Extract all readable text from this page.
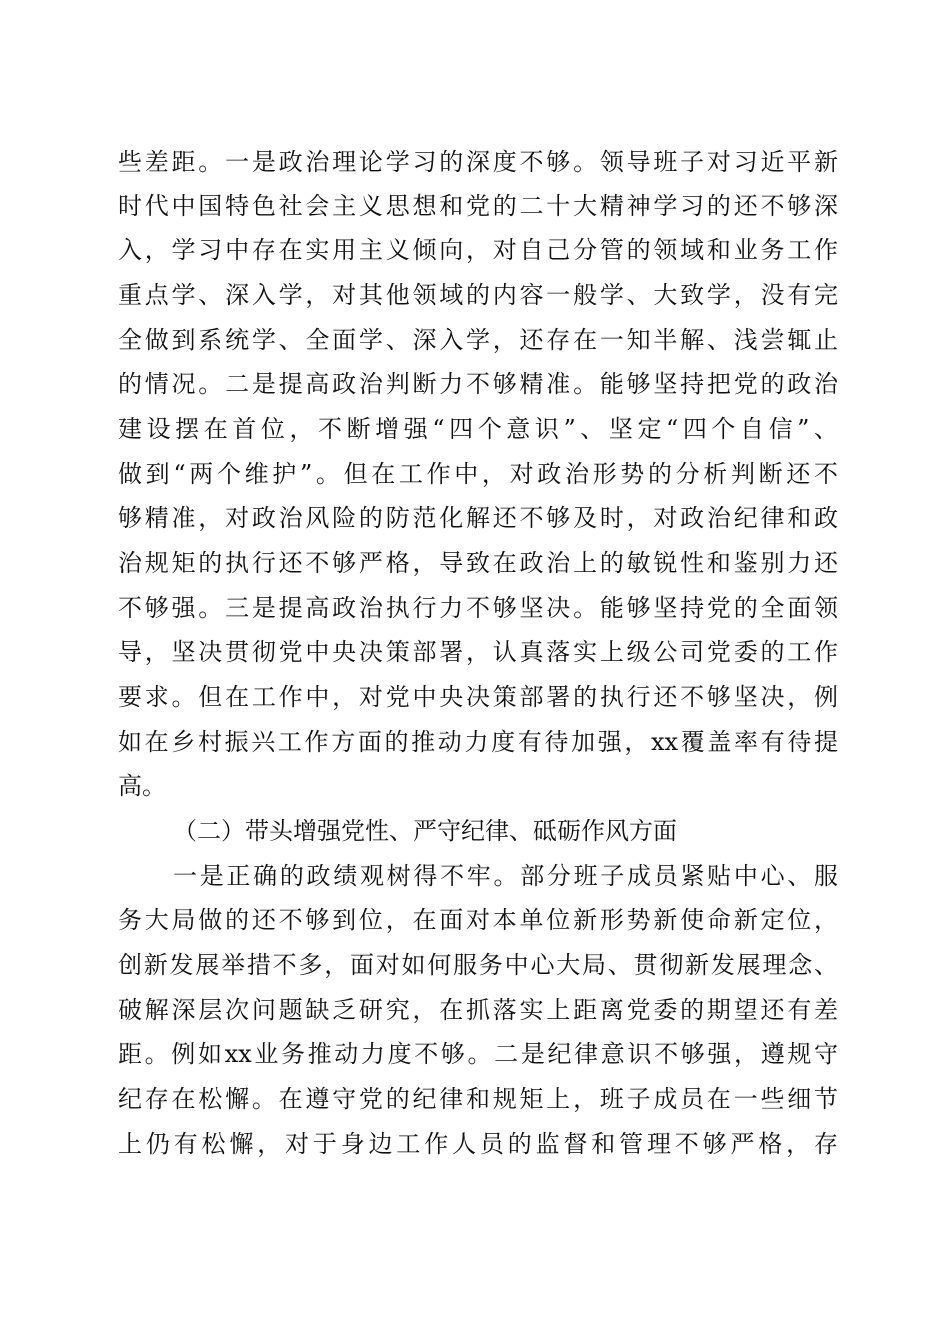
些差距。一是政治理论学习的深度不够。领导班子对习近平新
时代中国特色社会主义思想和党的二十大精神学习的还不够深
入，学习中存在实用主义倾向，对自己分管的领域和业务工作
重点学、深入学，对其他领域的内容一般学、大致学，没有完
全做到系统学、全面学、深入学，还存在一知半解、浅尝辄止
的情况。二是提高政治判断力不够精准。能够坚持把党的政治
建设摆在首位，不断增强“四个意识”、坚定“四个自信”、
做到“两个维护”。但在工作中，对政治形势的分析判断还不
够精准，对政治风险的防范化解还不够及时，对政治纪律和政
治规矩的执行还不够严格，导致在政治上的敏锐性和鉴别力还
不够强。三是提高政治执行力不够坚决。能够坚持党的全面领
导，坚决贯彻党中央决策部署，认真落实上级公司党委的工作
要求。但在工作中，对党中央决策部署的执行还不够坚决，例
如在乡村振兴工作方面的推动力度有待加强，xx覆盖率有待提
高。
（二）带头增强党性、严守纪律、砥砺作风方面
一是正确的政绩观树得不牢。部分班子成员紧贴中心、服
务大局做的还不够到位，在面对本单位新形势新使命新定位，
创新发展举措不多，面对如何服务中心大局、贯彻新发展理念、
破解深层次问题缺乏研究，在抓落实上距离党委的期望还有差
距。例如xx业务推动力度不够。二是纪律意识不够强，遵规守
纪存在松懈。在遵守党的纪律和规矩上，班子成员在一些细节
上仍有松懈，对于身边工作人员的监督和管理不够严格，存
